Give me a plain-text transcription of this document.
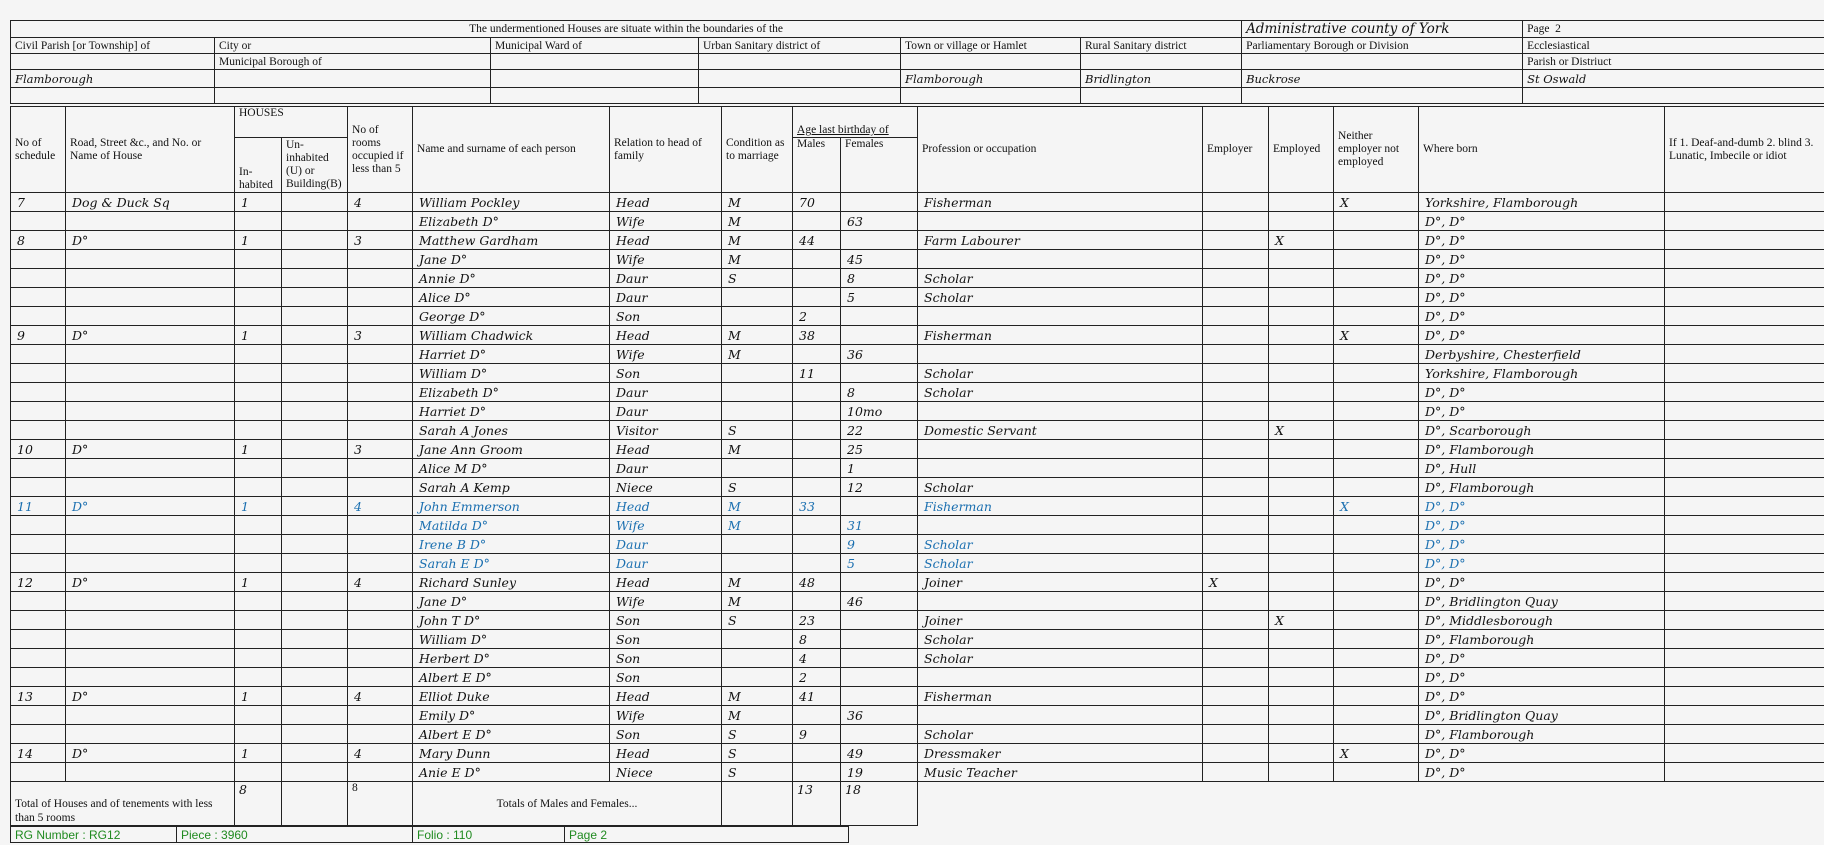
The undermentioned Houses are situate within the boundaries of the						Administrative county of York	Page 2
Civil Parish [or Township] of	City or	Municipal Ward of	Urban Sanitary district of	Town or village or Hamlet	Rural Sanitary district	Parliamentary Borough or Division	Ecclesiastical
	Municipal Borough of						Parish or Distriuct
Flamborough				Flamborough	Bridlington	Buckrose	St Oswald

No of schedule	Road, Street &c., and No. or Name of House	HOUSES		No of rooms occupied if less than 5	Name and surname of each person	Relation to head of family	Condition as to marriage	Age last birthday of		Profession or occupation	Employer	Employed	Neither employer not employed	Where born	If 1. Deaf-and-dumb 2. blind 3. Lunatic, Imbecile or idiot
		In- habited	Un- inhabited (U) or Building(B)					Males	Females						
7	Dog & Duck Sq	1		4	William Pockley	Head	M	70		Fisherman			X	Yorkshire, Flamborough	
					Elizabeth D°	Wife	M		63					D°, D°	
8	D°	1		3	Matthew Gardham	Head	M	44		Farm Labourer		X		D°, D°	
					Jane D°	Wife	M		45					D°, D°	
					Annie D°	Daur	S		8	Scholar				D°, D°	
					Alice D°	Daur			5	Scholar				D°, D°	
					George D°	Son		2						D°, D°	
9	D°	1		3	William Chadwick	Head	M	38		Fisherman			X	D°, D°	
					Harriet D°	Wife	M		36					Derbyshire, Chesterfield	
					William D°	Son		11		Scholar				Yorkshire, Flamborough	
					Elizabeth D°	Daur			8	Scholar				D°, D°	
					Harriet D°	Daur			10mo					D°, D°	
					Sarah A Jones	Visitor	S		22	Domestic Servant		X		D°, Scarborough	
10	D°	1		3	Jane Ann Groom	Head	M		25					D°, Flamborough	
					Alice M D°	Daur			1					D°, Hull	
					Sarah A Kemp	Niece	S		12	Scholar				D°, Flamborough	
11	D°	1		4	John Emmerson	Head	M	33		Fisherman			X	D°, D°	
					Matilda D°	Wife	M		31					D°, D°	
					Irene B D°	Daur			9	Scholar				D°, D°	
					Sarah E D°	Daur			5	Scholar				D°, D°	
12	D°	1		4	Richard Sunley	Head	M	48		Joiner	X			D°, D°	
					Jane D°	Wife	M		46					D°, Bridlington Quay	
					John T D°	Son	S	23		Joiner		X		D°, Middlesborough	
					William D°	Son		8		Scholar				D°, Flamborough	
					Herbert D°	Son		4		Scholar				D°, D°	
					Albert E D°	Son		2						D°, D°	
13	D°	1		4	Elliot Duke	Head	M	41		Fisherman				D°, D°	
					Emily D°	Wife	M		36					D°, Bridlington Quay	
					Albert E D°	Son	S	9		Scholar				D°, Flamborough	
14	D°	1		4	Mary Dunn	Head	S		49	Dressmaker			X	D°, D°	
					Anie E D°	Niece	S		19	Music Teacher				D°, D°	
Total of Houses and of tenements with less than 5 rooms		8		8	Totals of Males and Females...			13	18						
RG Number : RG12	Piece : 3960	Folio : 110	Page 2
